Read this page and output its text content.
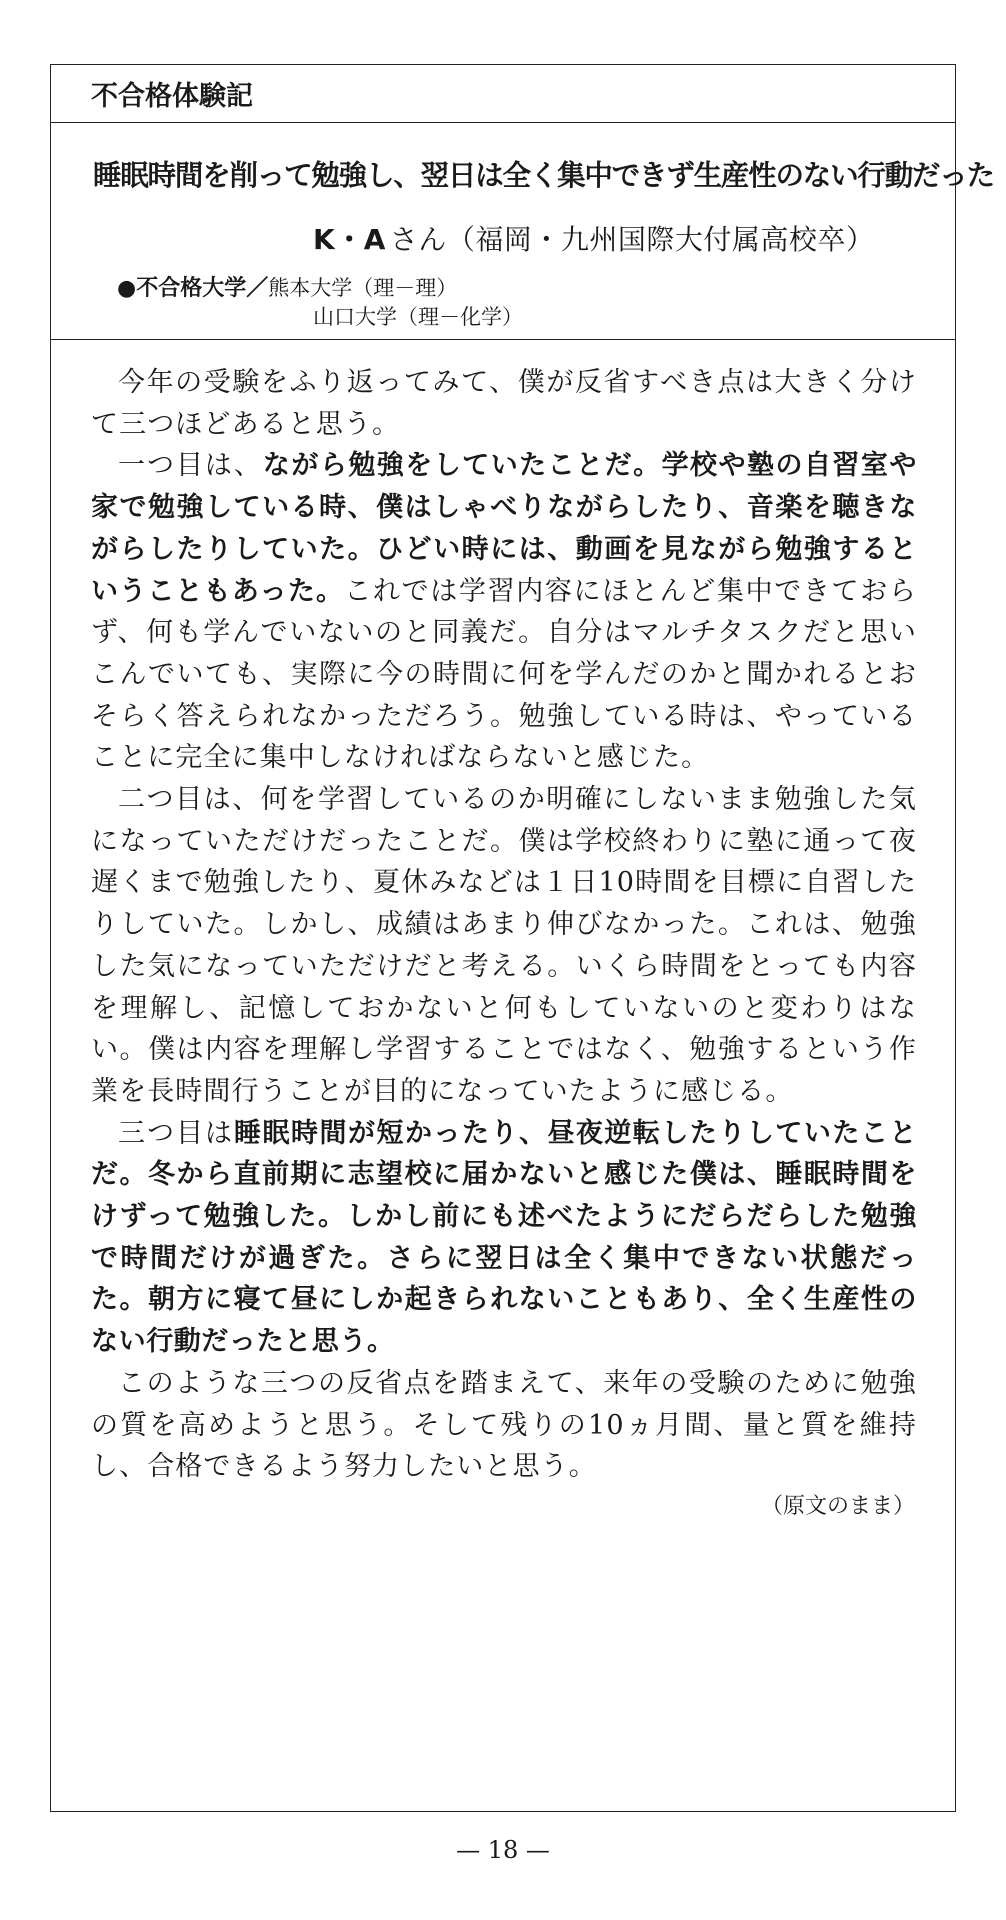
不合格体験記
睡眠時間を削って勉強し、翌日は全く集中できず生産性のない行動だった
K・A さん（福岡・九州国際大付属高校卒）
●不合格大学／熊本大学（理－理）
山口大学（理－化学）

今年の受験をふり返ってみて、僕が反省すべき点は大きく分けて三つほどあると思う。

一つ目は、ながら勉強をしていたことだ。学校や塾の自習室や家で勉強している時、僕はしゃべりながらしたり、音楽を聴きながらしたりしていた。ひどい時には、動画を見ながら勉強するということもあった。これでは学習内容にほとんど集中できておらず、何も学んでいないのと同義だ。自分はマルチタスクだと思いこんでいても、実際に今の時間に何を学んだのかと聞かれるとおそらく答えられなかっただろう。勉強している時は、やっていることに完全に集中しなければならないと感じた。

二つ目は、何を学習しているのか明確にしないまま勉強した気になっていただけだったことだ。僕は学校終わりに塾に通って夜遅くまで勉強したり、夏休みなどは１日10時間を目標に自習したりしていた。しかし、成績はあまり伸びなかった。これは、勉強した気になっていただけだと考える。いくら時間をとっても内容を理解し、記憶しておかないと何もしていないのと変わりはない。僕は内容を理解し学習することではなく、勉強するという作業を長時間行うことが目的になっていたように感じる。

三つ目は睡眠時間が短かったり、昼夜逆転したりしていたことだ。冬から直前期に志望校に届かないと感じた僕は、睡眠時間をけずって勉強した。しかし前にも述べたようにだらだらした勉強で時間だけが過ぎた。さらに翌日は全く集中できない状態だった。朝方に寝て昼にしか起きられないこともあり、全く生産性のない行動だったと思う。

このような三つの反省点を踏まえて、来年の受験のために勉強の質を高めようと思う。そして残りの10ヵ月間、量と質を維持し、合格できるよう努力したいと思う。

（原文のまま）
— 18 —
